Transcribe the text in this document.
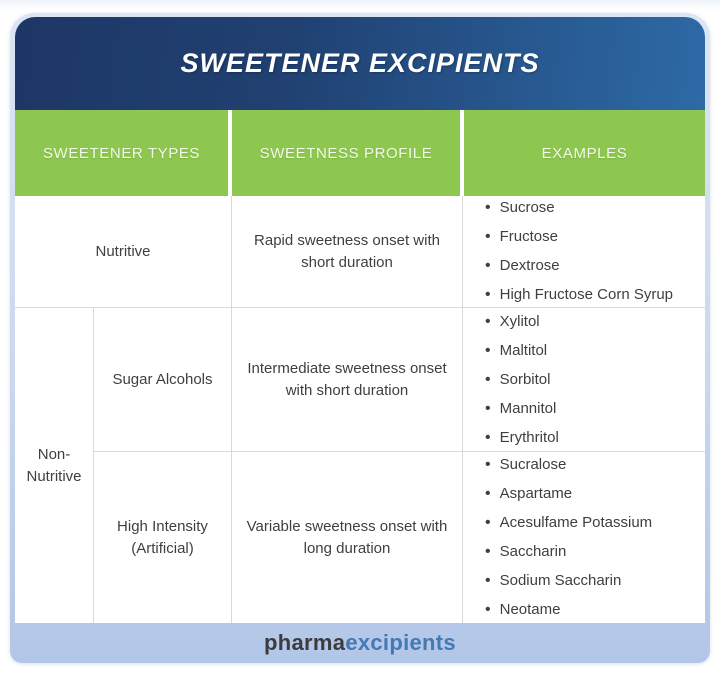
SWEETENER EXCIPIENTS
SWEETENER TYPES	SWEETNESS PROFILE	EXAMPLES
Nutritive
Rapid sweetness onset with short duration
• Sucrose
• Fructose
• Dextrose
• High Fructose Corn Syrup
Non-Nutritive
Sugar Alcohols
Intermediate sweetness onset with short duration
• Xylitol
• Maltitol
• Sorbitol
• Mannitol
• Erythritol
High Intensity (Artificial)
Variable sweetness onset with long duration
• Sucralose
• Aspartame
• Acesulfame Potassium
• Saccharin
• Sodium Saccharin
• Neotame
pharmaexcipients
